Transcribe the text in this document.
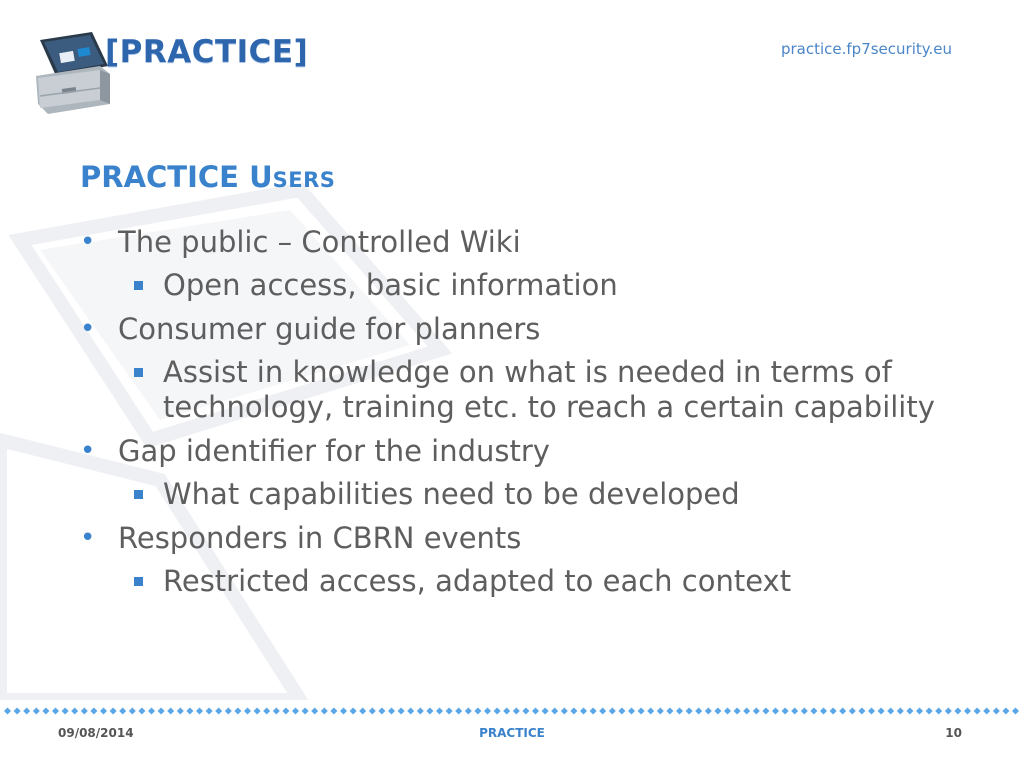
[PRACTICE]	practice.fp7security.eu
PRACTICE USERS
• The public – Controlled Wiki
Open access, basic information
• Consumer guide for planners
Assist in knowledge on what is needed in terms of technology, training etc. to reach a certain capability
• Gap identifier for the industry
What capabilities need to be developed
• Responders in CBRN events
Restricted access, adapted to each context
09/08/2014	PRACTICE	10
